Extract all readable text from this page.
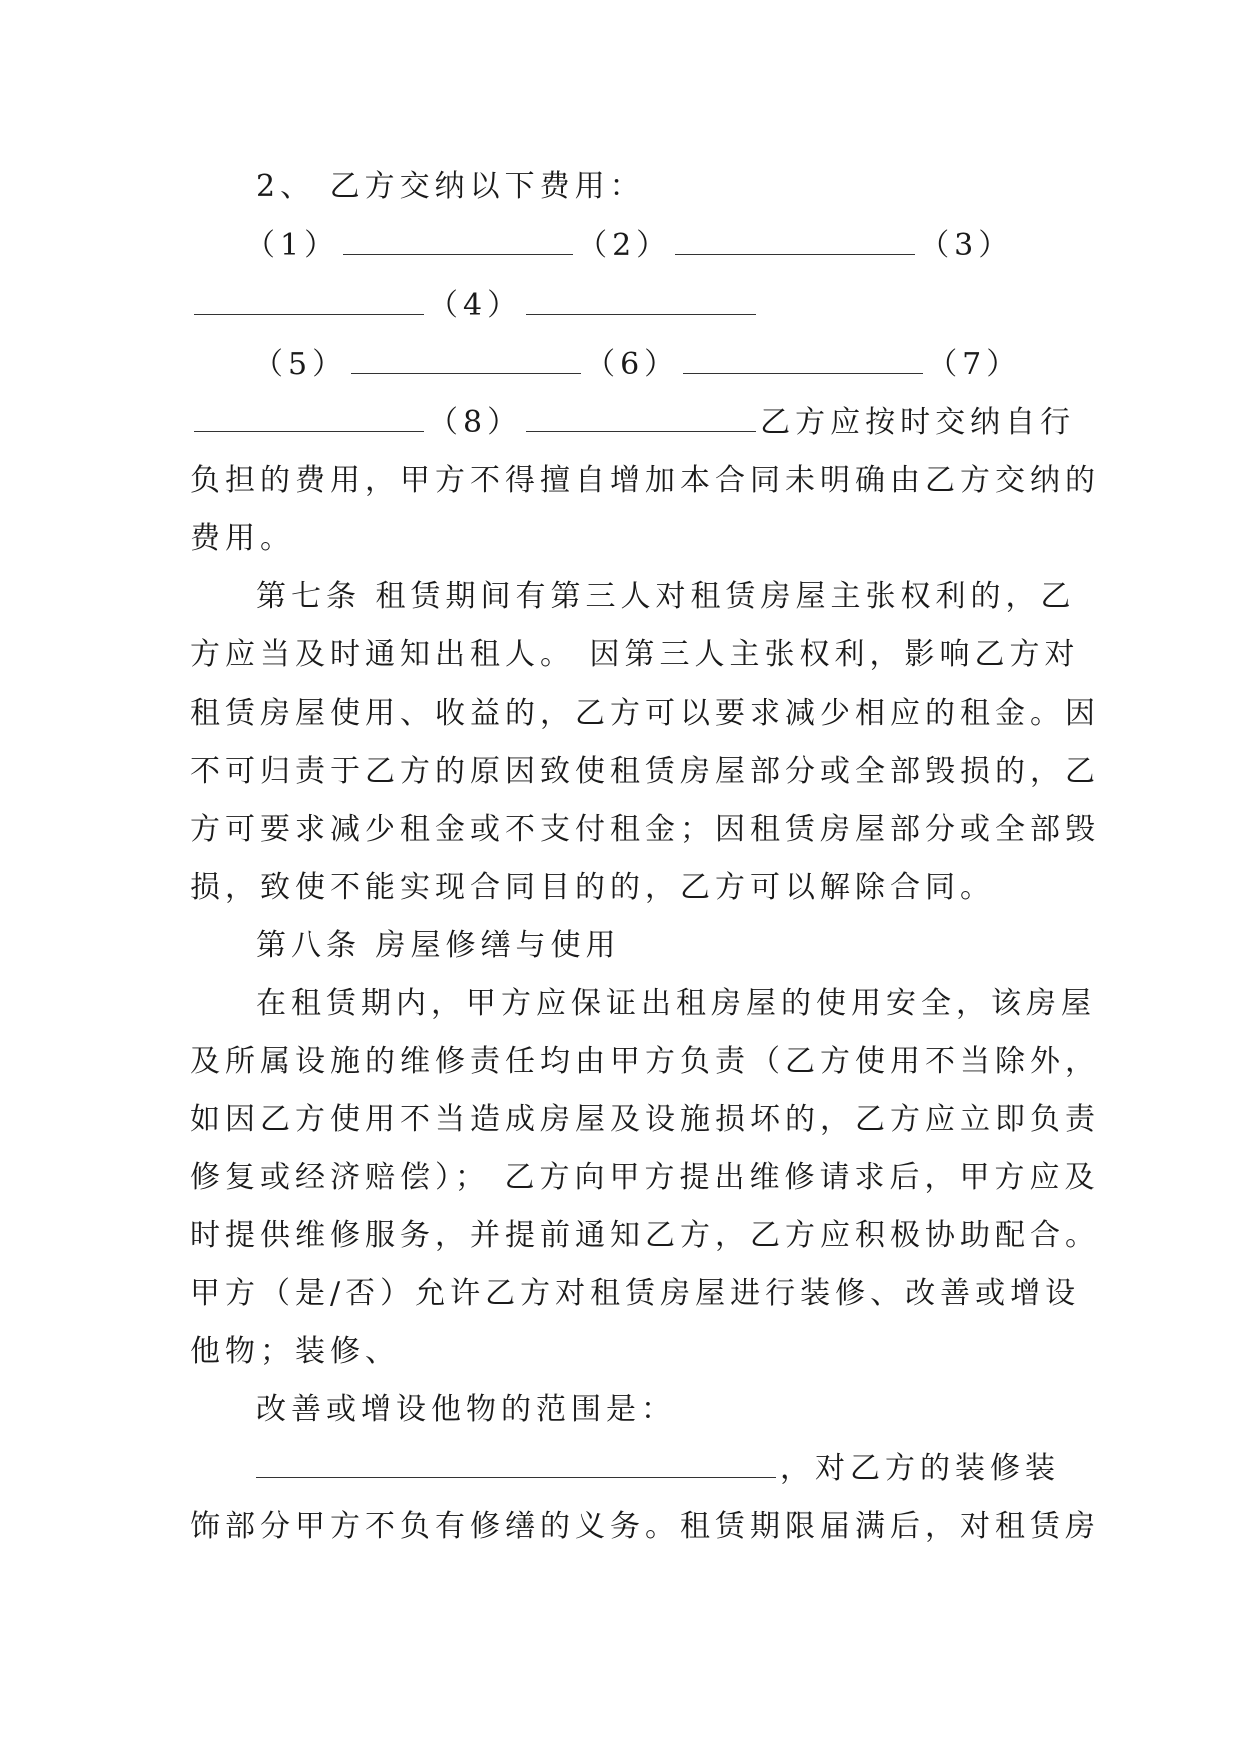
2、 乙方交纳以下费用：
（1）	（2）	（3）
（4）
（5）	（6）	（7）
（8）	乙方应按时交纳自行
负担的费用，甲方不得擅自增加本合同未明确由乙方交纳的
费用。
第七条 租赁期间有第三人对租赁房屋主张权利的，乙
方应当及时通知出租人。 因第三人主张权利，影响乙方对
租赁房屋使用、收益的，乙方可以要求减少相应的租金。因
不可归责于乙方的原因致使租赁房屋部分或全部毁损的，乙
方可要求减少租金或不支付租金；因租赁房屋部分或全部毁
损，致使不能实现合同目的的，乙方可以解除合同。
第八条 房屋修缮与使用
在租赁期内，甲方应保证出租房屋的使用安全，该房屋
及所属设施的维修责任均由甲方负责（乙方使用不当除外，
如因乙方使用不当造成房屋及设施损坏的，乙方应立即负责
修复或经济赔偿）； 乙方向甲方提出维修请求后，甲方应及
时提供维修服务，并提前通知乙方，乙方应积极协助配合。
甲方（是/否）允许乙方对租赁房屋进行装修、改善或增设
他物；装修、
改善或增设他物的范围是：
，对乙方的装修装
饰部分甲方不负有修缮的义务。租赁期限届满后，对租赁房
